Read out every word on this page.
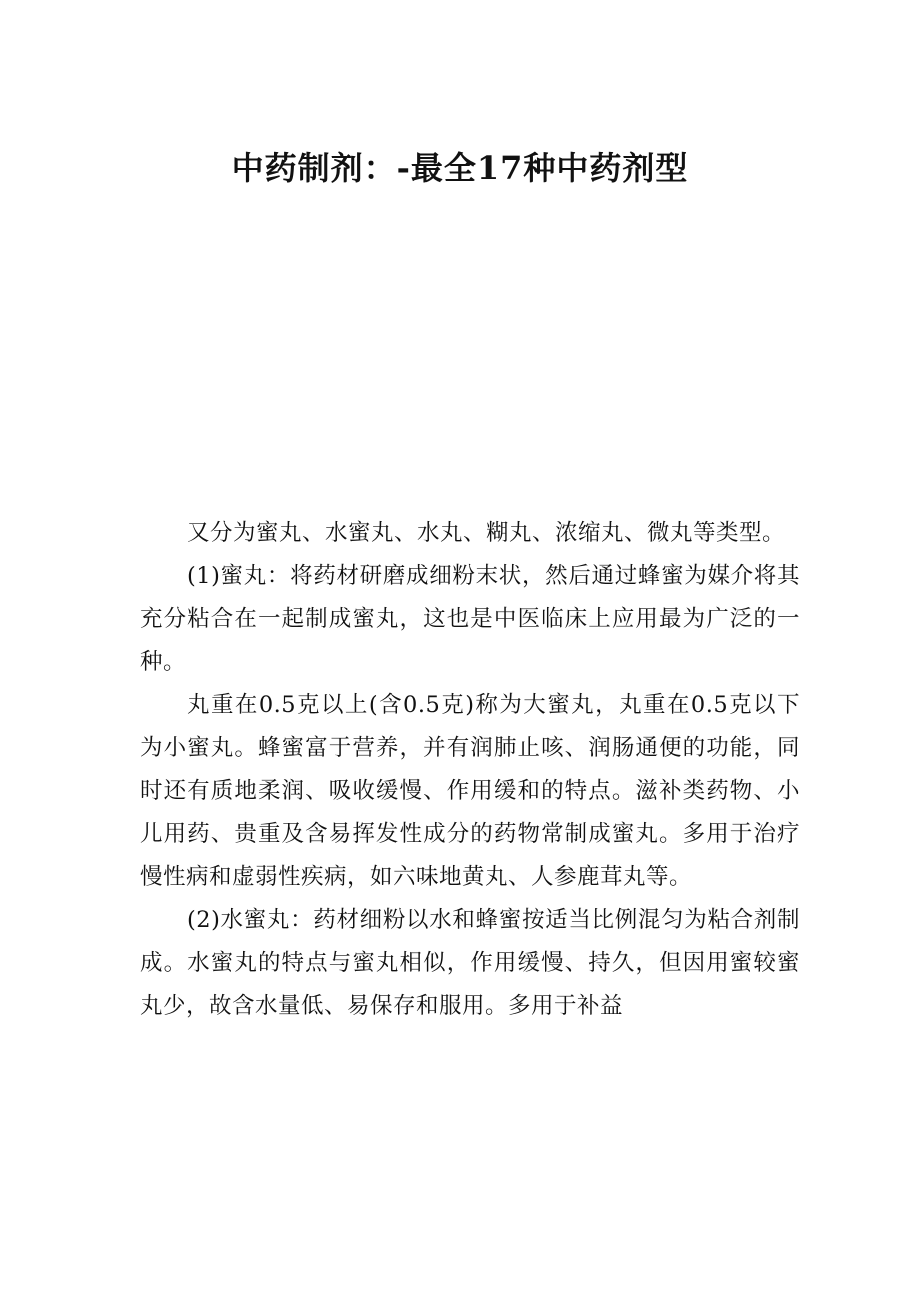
中药制剂：-最全17种中药剂型

又分为蜜丸、水蜜丸、水丸、糊丸、浓缩丸、微丸等类型。

(1)蜜丸：将药材研磨成细粉末状，然后通过蜂蜜为媒介将其充分粘合在一起制成蜜丸，这也是中医临床上应用最为广泛的一种。

丸重在0.5克以上(含0.5克)称为大蜜丸，丸重在0.5克以下为小蜜丸。蜂蜜富于营养，并有润肺止咳、润肠通便的功能，同时还有质地柔润、吸收缓慢、作用缓和的特点。滋补类药物、小儿用药、贵重及含易挥发性成分的药物常制成蜜丸。多用于治疗慢性病和虚弱性疾病，如六味地黄丸、人参鹿茸丸等。

(2)水蜜丸：药材细粉以水和蜂蜜按适当比例混匀为粘合剂制成。水蜜丸的特点与蜜丸相似，作用缓慢、持久，但因用蜜较蜜丸少，故含水量低、易保存和服用。多用于补益
